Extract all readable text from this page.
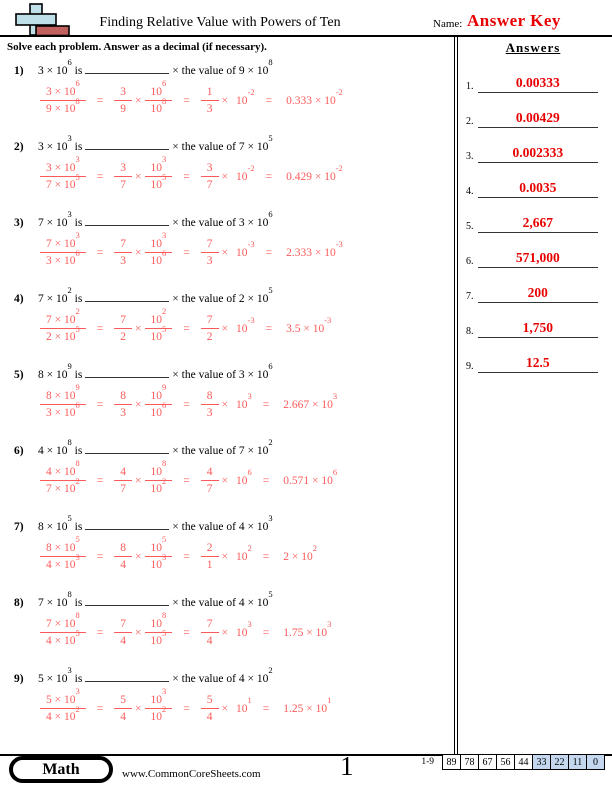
Finding Relative Value with Powers of Ten	Name: Answer Key
Solve each problem. Answer as a decimal (if necessary).	Answers
1) $3 \times 10^6$ is	× the value of $9 \times 10^8$
$\frac{3 \times 10^6}{9 \times 10^8} = \frac{3}{9} \times \frac{10^6}{10^8} = \frac{1}{3} \times 10^{-2}$
= $0.333 \times 10^{-2}$
2) $3 \times 10^3$ is	× the value of $7 \times 10^5$
$\frac{3 \times 10^3}{7 \times 10^5} = \frac{3}{7} \times \frac{10^3}{10^5} = \frac{3}{7} \times 10^{-2}$
= $0.429 \times 10^{-2}$
3) $7 \times 10^3$ is	× the value of $3 \times 10^6$
$\frac{7 \times 10^3}{3 \times 10^6} = \frac{7}{3} \times \frac{10^3}{10^6} = \frac{7}{3} \times 10^{-3}$
= $2.333 \times 10^{-3}$
4) $7 \times 10^2$ is	× the value of $2 \times 10^5$
$\frac{7 \times 10^2}{2 \times 10^5} = \frac{7}{2} \times \frac{10^2}{10^5} = \frac{7}{2} \times 10^{-3}$
= $3.5 \times 10^{-3}$
5) $8 \times 10^9$ is	× the value of $3 \times 10^6$
$\frac{8 \times 10^9}{3 \times 10^6} = \frac{8}{3} \times \frac{10^9}{10^6} = \frac{8}{3} \times 10^3$
= $2.667 \times 10^3$
6) $4 \times 10^8$ is	× the value of $7 \times 10^2$
$\frac{4 \times 10^8}{7 \times 10^2} = \frac{4}{7} \times \frac{10^8}{10^2} = \frac{4}{7} \times 10^6$
= $0.571 \times 10^6$
7) $8 \times 10^5$ is	× the value of $4 \times 10^3$
$\frac{8 \times 10^5}{4 \times 10^3} = \frac{8}{4} \times \frac{10^5}{10^3} = \frac{2}{1} \times 10^2$
= $2 \times 10^2$
8) $7 \times 10^8$ is	× the value of $4 \times 10^5$
$\frac{7 \times 10^8}{4 \times 10^5} = \frac{7}{4} \times \frac{10^8}{10^5} = \frac{7}{4} \times 10^3$
= $1.75 \times 10^3$
9) $5 \times 10^3$ is	× the value of $4 \times 10^2$
$\frac{5 \times 10^3}{4 \times 10^2} = \frac{5}{4} \times \frac{10^3}{10^2} = \frac{5}{4} \times 10^1$
= $1.25 \times 10^1$
1.	0.00333
2.	0.00429
3.	0.002333
4.	0.0035
5.	2,667
6.	571,000
7.	200
8.	1,750
9.	12.5
Math	www.CommonCoreSheets.com	1	1-9	89 78 67 56 44 33 22 11	0
